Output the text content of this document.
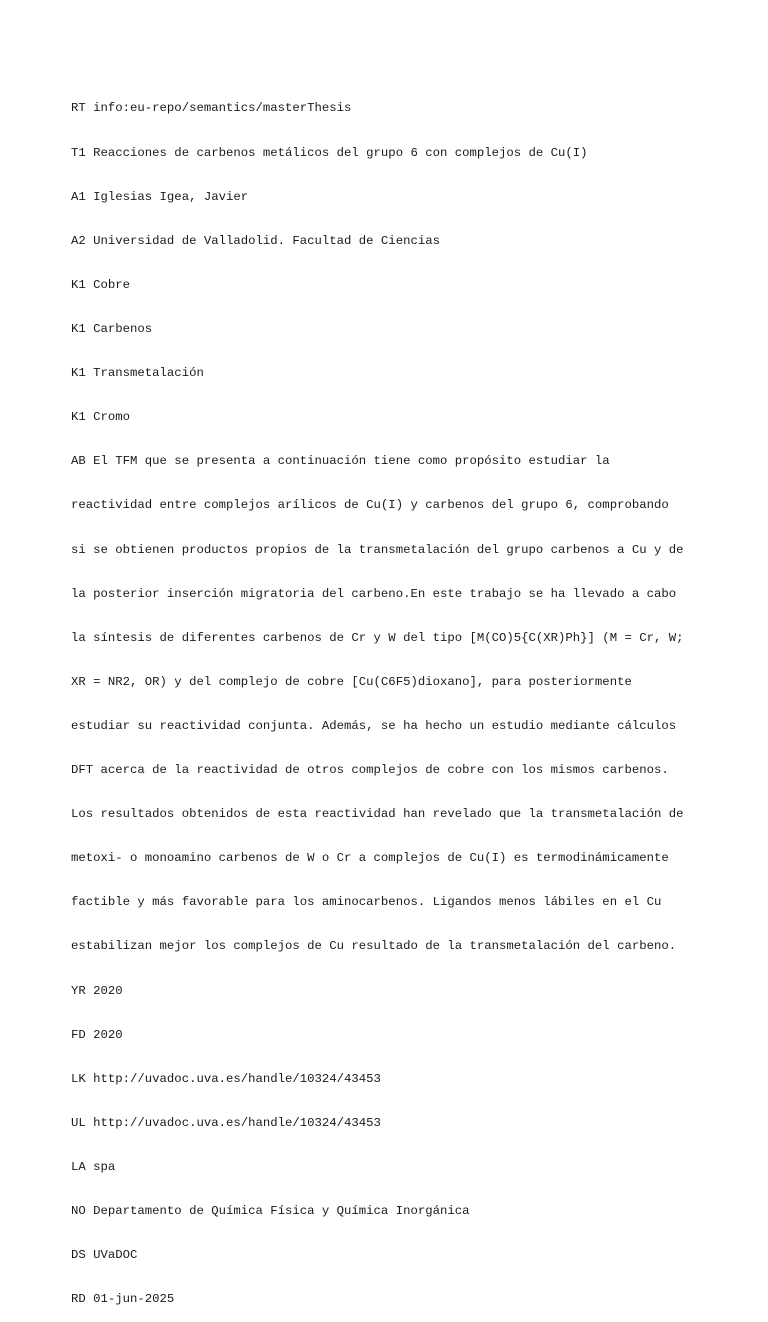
RT info:eu-repo/semantics/masterThesis

T1 Reacciones de carbenos metálicos del grupo 6 con complejos de Cu(I)

A1 Iglesias Igea, Javier

A2 Universidad de Valladolid. Facultad de Ciencias

K1 Cobre

K1 Carbenos

K1 Transmetalación

K1 Cromo

AB El TFM que se presenta a continuación tiene como propósito estudiar la

reactividad entre complejos arílicos de Cu(I) y carbenos del grupo 6, comprobando

si se obtienen productos propios de la transmetalación del grupo carbenos a Cu y de

la posterior inserción migratoria del carbeno.En este trabajo se ha llevado a cabo

la síntesis de diferentes carbenos de Cr y W del tipo [M(CO)5{C(XR)Ph}] (M = Cr, W;

XR = NR2, OR) y del complejo de cobre [Cu(C6F5)dioxano], para posteriormente

estudiar su reactividad conjunta. Además, se ha hecho un estudio mediante cálculos

DFT acerca de la reactividad de otros complejos de cobre con los mismos carbenos.

Los resultados obtenidos de esta reactividad han revelado que la transmetalación de

metoxi- o monoamino carbenos de W o Cr a complejos de Cu(I) es termodinámicamente

factible y más favorable para los aminocarbenos. Ligandos menos lábiles en el Cu

estabilizan mejor los complejos de Cu resultado de la transmetalación del carbeno.

YR 2020

FD 2020

LK http://uvadoc.uva.es/handle/10324/43453

UL http://uvadoc.uva.es/handle/10324/43453

LA spa

NO Departamento de Química Física y Química Inorgánica

DS UVaDOC

RD 01-jun-2025
